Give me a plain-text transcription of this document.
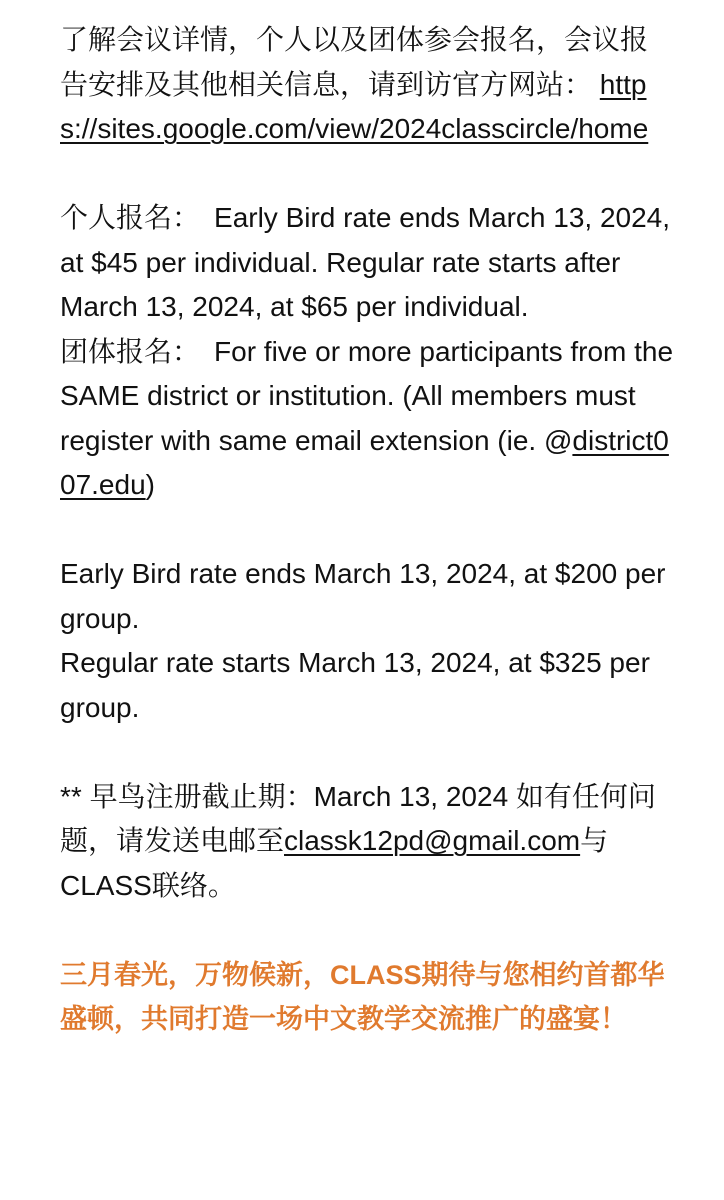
了解会议详情，个人以及团体参会报名，会议报告安排及其他相关信息，请到访官方网站： https://sites.google.com/view/2024classcircle/home

个人报名： Early Bird rate ends March 13, 2024, at $45 per individual. Regular rate starts after March 13, 2024, at $65 per individual.

团体报名： For five or more participants from the SAME district or institution. (All members must register with same email extension (ie. @district007.edu)

Early Bird rate ends March 13, 2024, at $200 per group.

Regular rate starts March 13, 2024, at $325 per group.

** 早鸟注册截止期：March 13, 2024 如有任何问题，请发送电邮至classk12pd@gmail.com与CLASS联络。

三月春光，万物候新，CLASS期待与您相约首都华盛顿，共同打造一场中文教学交流推广的盛宴！
